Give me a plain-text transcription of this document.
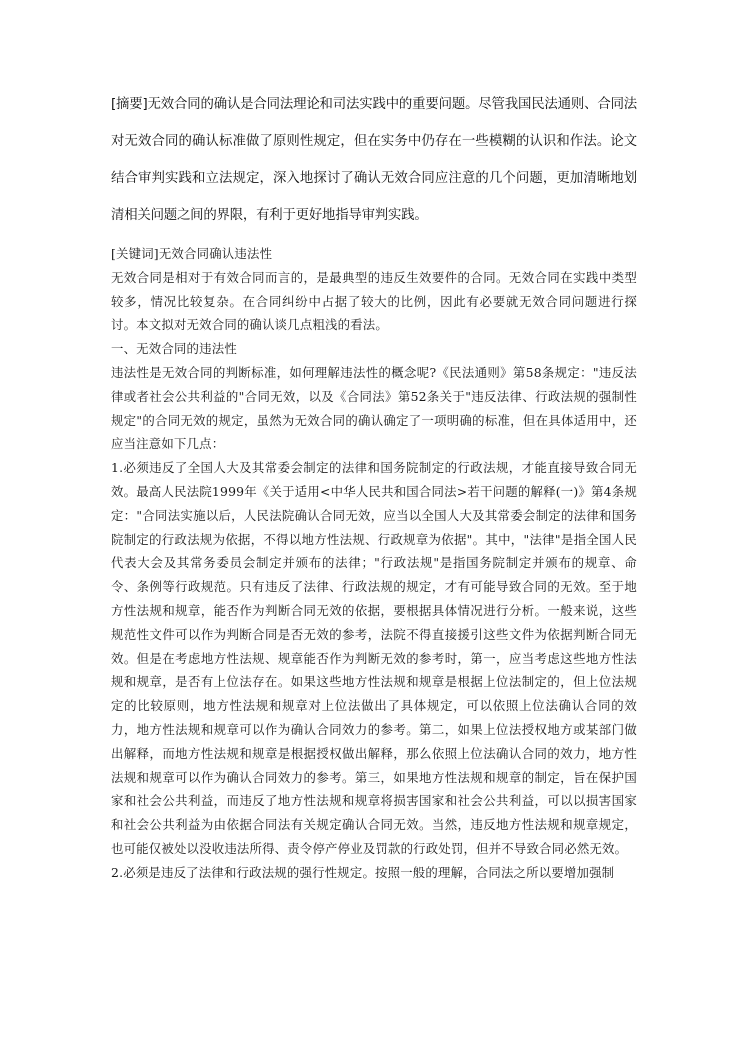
[摘要]无效合同的确认是合同法理论和司法实践中的重要问题。尽管我国民法通则、合同法对无效合同的确认标准做了原则性规定，但在实务中仍存在一些模糊的认识和作法。论文结合审判实践和立法规定，深入地探讨了确认无效合同应注意的几个问题，更加清晰地划清相关问题之间的界限，有利于更好地指导审判实践。

[关键词]无效合同确认违法性

无效合同是相对于有效合同而言的，是最典型的违反生效要件的合同。无效合同在实践中类型较多，情况比较复杂。在合同纠纷中占据了较大的比例，因此有必要就无效合同问题进行探讨。本文拟对无效合同的确认谈几点粗浅的看法。

一、无效合同的违法性

违法性是无效合同的判断标准，如何理解违法性的概念呢?《民法通则》第58条规定："违反法律或者社会公共利益的"合同无效，以及《合同法》第52条关于"违反法律、行政法规的强制性规定"的合同无效的规定，虽然为无效合同的确认确定了一项明确的标准，但在具体适用中，还应当注意如下几点：

1.必须违反了全国人大及其常委会制定的法律和国务院制定的行政法规，才能直接导致合同无效。最高人民法院1999年《关于适用<中华人民共和国合同法>若干问题的解释(一)》第4条规定："合同法实施以后，人民法院确认合同无效，应当以全国人大及其常委会制定的法律和国务院制定的行政法规为依据，不得以地方性法规、行政规章为依据"。其中，"法律"是指全国人民代表大会及其常务委员会制定并颁布的法律；"行政法规"是指国务院制定并颁布的规章、命令、条例等行政规范。只有违反了法律、行政法规的规定，才有可能导致合同的无效。至于地方性法规和规章，能否作为判断合同无效的依据，要根据具体情况进行分析。一般来说，这些规范性文件可以作为判断合同是否无效的参考，法院不得直接援引这些文件为依据判断合同无效。但是在考虑地方性法规、规章能否作为判断无效的参考时，第一，应当考虑这些地方性法规和规章，是否有上位法存在。如果这些地方性法规和规章是根据上位法制定的，但上位法规定的比较原则，地方性法规和规章对上位法做出了具体规定，可以依照上位法确认合同的效力，地方性法规和规章可以作为确认合同效力的参考。第二，如果上位法授权地方或某部门做出解释，而地方性法规和规章是根据授权做出解释，那么依照上位法确认合同的效力，地方性法规和规章可以作为确认合同效力的参考。第三，如果地方性法规和规章的制定，旨在保护国家和社会公共利益，而违反了地方性法规和规章将损害国家和社会公共利益，可以以损害国家和社会公共利益为由依据合同法有关规定确认合同无效。当然，违反地方性法规和规章规定，也可能仅被处以没收违法所得、责令停产停业及罚款的行政处罚，但并不导致合同必然无效。

2.必须是违反了法律和行政法规的强行性规定。按照一般的理解，合同法之所以要增加强制
